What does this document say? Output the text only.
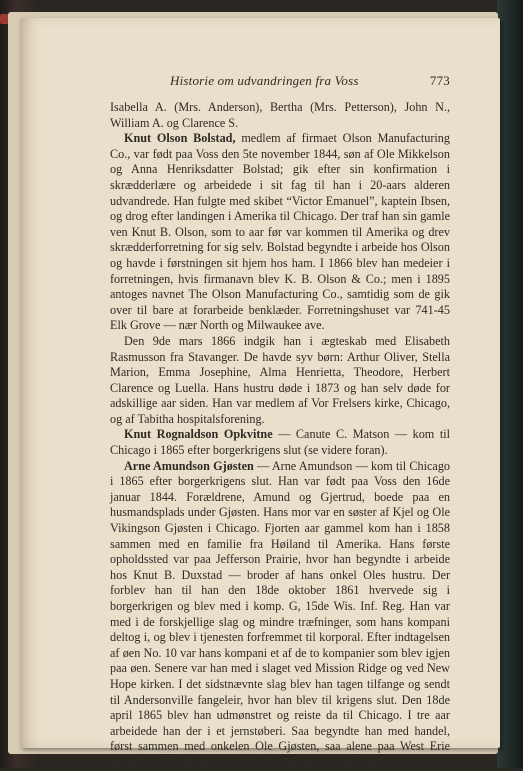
Historie om udvandringen fra Voss	773

Isabella A. (Mrs. Anderson), Bertha (Mrs. Petterson), John N., William A. og Clarence S.

Knut Olson Bolstad, medlem af firmaet Olson Manufacturing Co., var født paa Voss den 5te november 1844, søn af Ole Mikkelson og Anna Henriksdatter Bolstad; gik efter sin konfirmation i skrædderlære og arbeidede i sit fag til han i 20-aars alderen udvandrede. Han fulgte med skibet “Victor Emanuel”, kaptein Ibsen, og drog efter landingen i Amerika til Chicago. Der traf han sin gamle ven Knut B. Olson, som to aar før var kommen til Amerika og drev skrædderforretning for sig selv. Bolstad begyndte i arbeide hos Olson og havde i førstningen sit hjem hos ham. I 1866 blev han medeier i forretningen, hvis firmanavn blev K. B. Olson & Co.; men i 1895 antoges navnet The Olson Manufacturing Co., samtidig som de gik over til bare at forarbeide benklæder. Forretningshuset var 741-45 Elk Grove — nær North og Milwaukee ave.

Den 9de mars 1866 indgik han i ægteskab med Elisabeth Rasmusson fra Stavanger. De havde syv børn: Arthur Oliver, Stella Marion, Emma Josephine, Alma Henrietta, Theodore, Herbert Clarence og Luella. Hans hustru døde i 1873 og han selv døde for adskillige aar siden. Han var medlem af Vor Frelsers kirke, Chicago, og af Tabitha hospitalsforening.

Knut Rognaldson Opkvitne — Canute C. Matson — kom til Chicago i 1865 efter borgerkrigens slut (se videre foran).

Arne Amundson Gjøsten — Arne Amundson — kom til Chicago i 1865 efter borgerkrigens slut. Han var født paa Voss den 16de januar 1844. Forældrene, Amund og Gjertrud, boede paa en husmandsplads under Gjøsten. Hans mor var en søster af Kjel og Ole Vikingson Gjøsten i Chicago. Fjorten aar gammel kom han i 1858 sammen med en familie fra Høiland til Amerika. Hans første opholdssted var paa Jefferson Prairie, hvor han begyndte i arbeide hos Knut B. Duxstad — broder af hans onkel Oles hustru. Der forblev han til han den 18de oktober 1861 hvervede sig i borgerkrigen og blev med i komp. G, 15de Wis. Inf. Reg. Han var med i de forskjellige slag og mindre træfninger, som hans kompani deltog i, og blev i tjenesten forfremmet til korporal. Efter indtagelsen af øen No. 10 var hans kompani et af de to kompanier som blev igjen paa øen. Senere var han med i slaget ved Mission Ridge og ved New Hope kirken. I det sidstnævnte slag blev han tagen tilfange og sendt til Andersonville fangeleir, hvor han blev til krigens slut. Den 18de april 1865 blev han udmønstret og reiste da til Chicago. I tre aar arbeidede han der i et jernstøberi. Saa begyndte han med handel, først sammen med onkelen Ole Gjøsten, saa alene paa West Erie street No. 195. Hans søster Martha Amundson var i først-
